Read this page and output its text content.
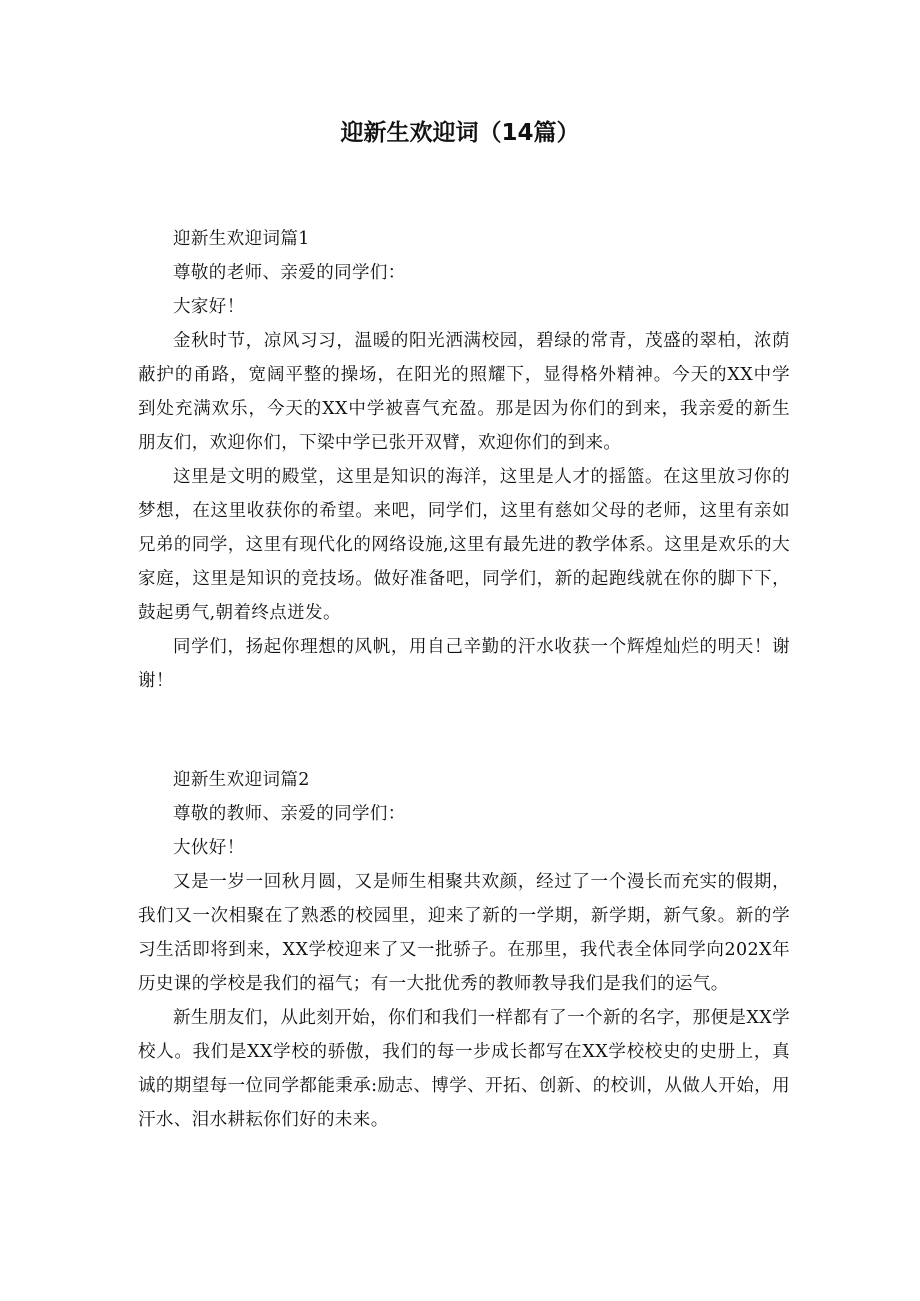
迎新生欢迎词（14篇）

迎新生欢迎词篇1

尊敬的老师、亲爱的同学们：

大家好！

金秋时节，凉风习习，温暖的阳光洒满校园，碧绿的常青，茂盛的翠柏，浓荫蔽护的甬路，宽阔平整的操场，在阳光的照耀下，显得格外精神。今天的XX中学到处充满欢乐，今天的XX中学被喜气充盈。那是因为你们的到来，我亲爱的新生朋友们，欢迎你们，下梁中学已张开双臂，欢迎你们的到来。

这里是文明的殿堂，这里是知识的海洋，这里是人才的摇篮。在这里放习你的梦想，在这里收获你的希望。来吧，同学们，这里有慈如父母的老师，这里有亲如兄弟的同学，这里有现代化的网络设施,这里有最先进的教学体系。这里是欢乐的大家庭，这里是知识的竞技场。做好准备吧，同学们，新的起跑线就在你的脚下下，鼓起勇气,朝着终点迸发。

同学们，扬起你理想的风帆，用自己辛勤的汗水收获一个辉煌灿烂的明天！谢谢！

迎新生欢迎词篇2

尊敬的教师、亲爱的同学们：

大伙好！

又是一岁一回秋月圆，又是师生相聚共欢颜，经过了一个漫长而充实的假期，我们又一次相聚在了熟悉的校园里，迎来了新的一学期，新学期，新气象。新的学习生活即将到来，XX学校迎来了又一批骄子。在那里，我代表全体同学向202X年历史课的学校是我们的福气；有一大批优秀的教师教导我们是我们的运气。

新生朋友们，从此刻开始，你们和我们一样都有了一个新的名字，那便是XX学校人。我们是XX学校的骄傲，我们的每一步成长都写在XX学校校史的史册上，真诚的期望每一位同学都能秉承:励志、博学、开拓、创新、的校训，从做人开始，用汗水、泪水耕耘你们好的未来。
